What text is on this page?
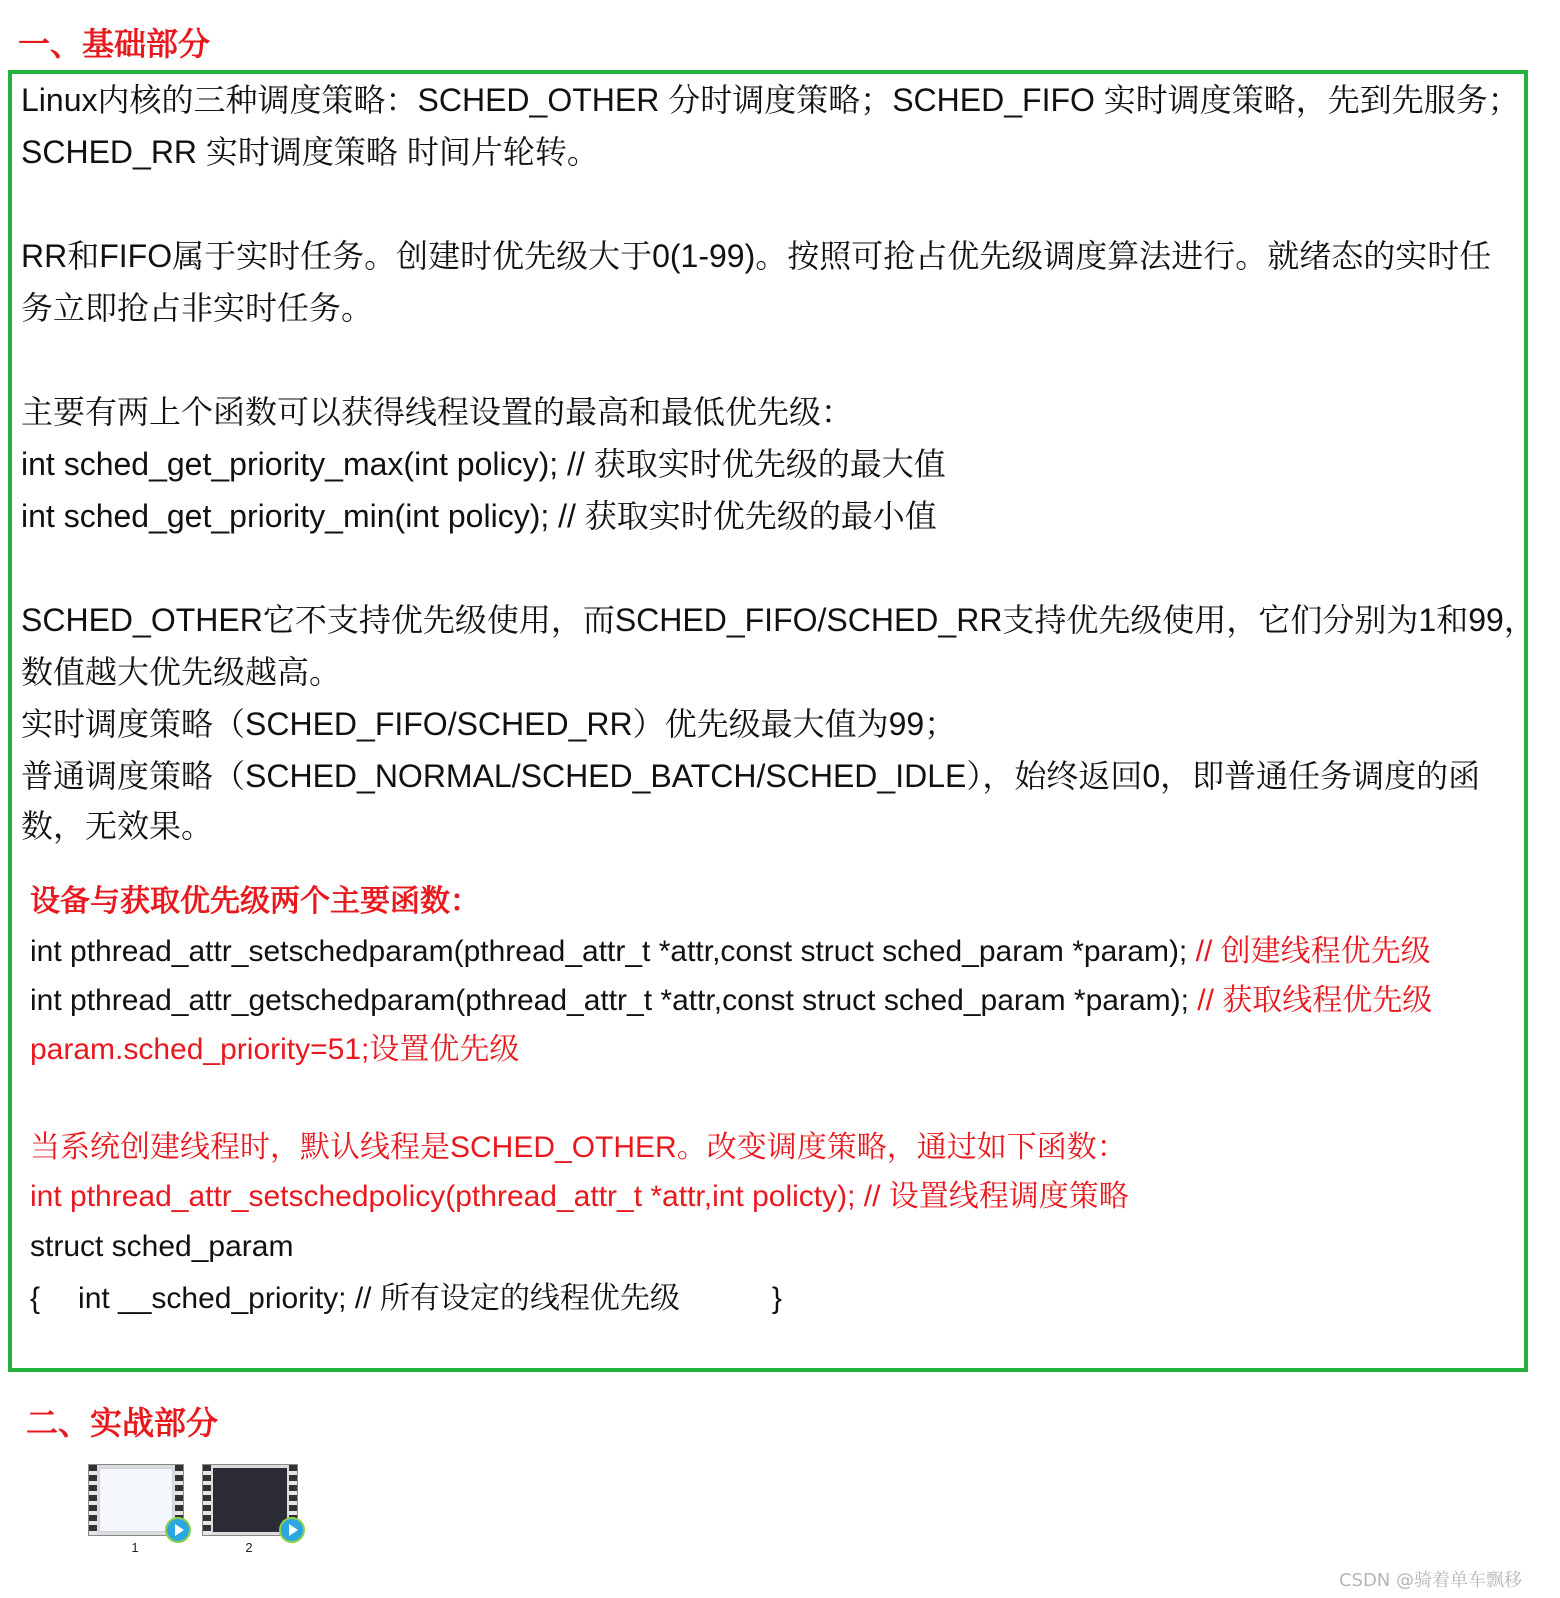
一、基础部分

Linux内核的三种调度策略：SCHED_OTHER 分时调度策略；SCHED_FIFO 实时调度策略，先到先服务；

SCHED_RR 实时调度策略 时间片轮转。

RR和FIFO属于实时任务。创建时优先级大于0(1-99)。按照可抢占优先级调度算法进行。就绪态的实时任

务立即抢占非实时任务。

主要有两上个函数可以获得线程设置的最高和最低优先级：

int sched_get_priority_max(int policy); // 获取实时优先级的最大值

int sched_get_priority_min(int policy); // 获取实时优先级的最小值

SCHED_OTHER它不支持优先级使用，而SCHED_FIFO/SCHED_RR支持优先级使用，它们分别为1和99，

数值越大优先级越高。

实时调度策略（SCHED_FIFO/SCHED_RR）优先级最大值为99；

普通调度策略（SCHED_NORMAL/SCHED_BATCH/SCHED_IDLE），始终返回0，即普通任务调度的函

数，无效果。

设备与获取优先级两个主要函数：

int pthread_attr_setschedparam(pthread_attr_t *attr,const struct sched_param *param); // 创建线程优先级

int pthread_attr_getschedparam(pthread_attr_t *attr,const struct sched_param *param); // 获取线程优先级

param.sched_priority=51;设置优先级

当系统创建线程时，默认线程是SCHED_OTHER。改变调度策略，通过如下函数：

int pthread_attr_setschedpolicy(pthread_attr_t *attr,int policty); // 设置线程调度策略

struct sched_param

{ int __sched_priority; // 所有设定的线程优先级	}

二、实战部分
1	2
CSDN @骑着单车飘移
